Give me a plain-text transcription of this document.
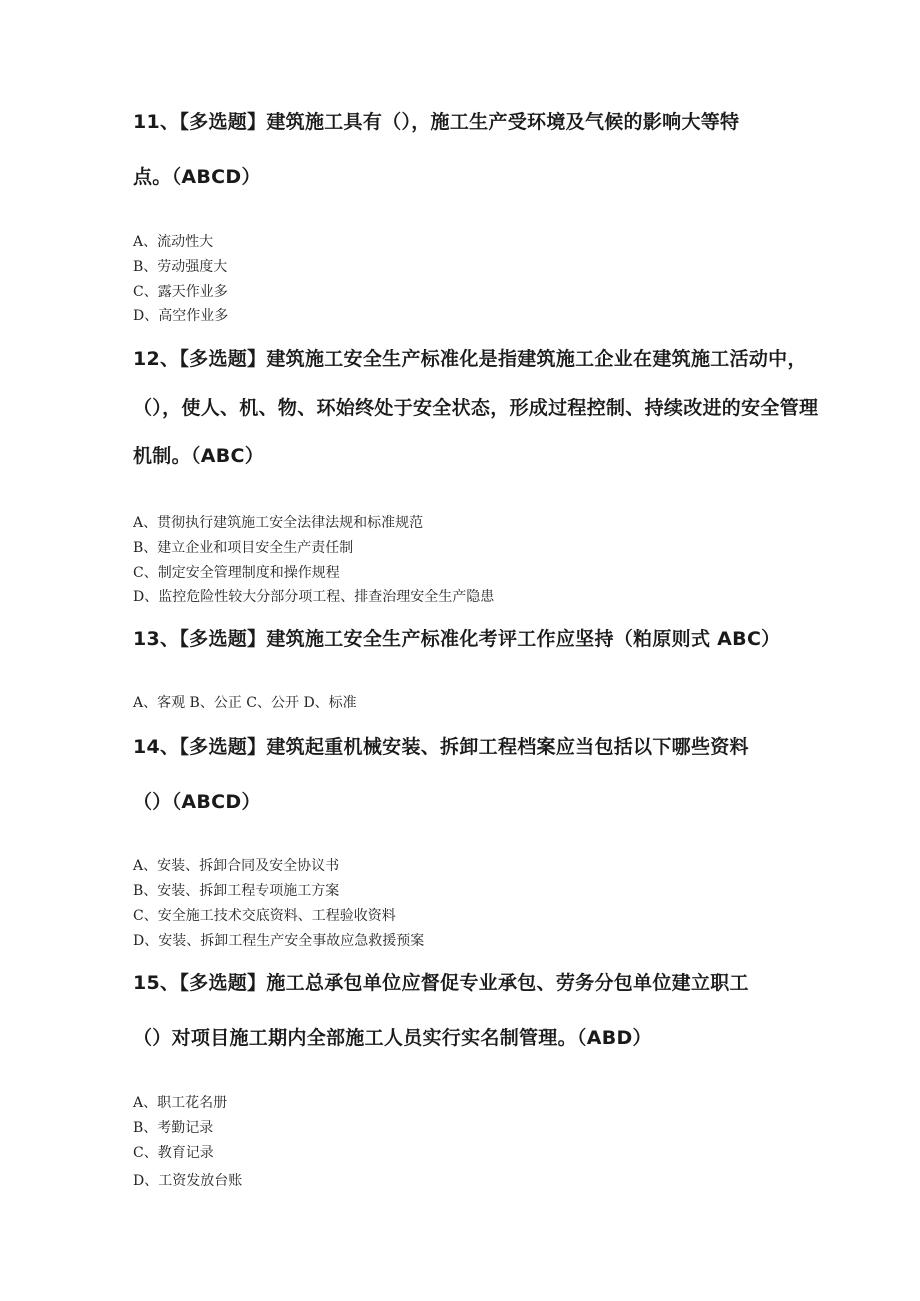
11、【多选题】建筑施工具有（），施工生产受环境及气候的影响大等特
点。（ABCD）
A、流动性大
B、劳动强度大
C、露天作业多
D、高空作业多
12、【多选题】建筑施工安全生产标准化是指建筑施工企业在建筑施工活动中，
（），使人、机、物、环始终处于安全状态，形成过程控制、持续改进的安全管理
机制。（ABC）
A、贯彻执行建筑施工安全法律法规和标准规范
B、建立企业和项目安全生产责任制
C、制定安全管理制度和操作规程
D、监控危险性较大分部分项工程、排查治理安全生产隐患
13、【多选题】建筑施工安全生产标准化考评工作应坚持（粕原则式 ABC）
A、客观 B、公正 C、公开 D、标准
14、【多选题】建筑起重机械安装、拆卸工程档案应当包括以下哪些资料
（）（ABCD）
A、安装、拆卸合同及安全协议书
B、安装、拆卸工程专项施工方案
C、安全施工技术交底资料、工程验收资料
D、安装、拆卸工程生产安全事故应急救援预案
15、【多选题】施工总承包单位应督促专业承包、劳务分包单位建立职工
（）对项目施工期内全部施工人员实行实名制管理。（ABD）
A、职工花名册
B、考勤记录
C、教育记录
D、工资发放台账
